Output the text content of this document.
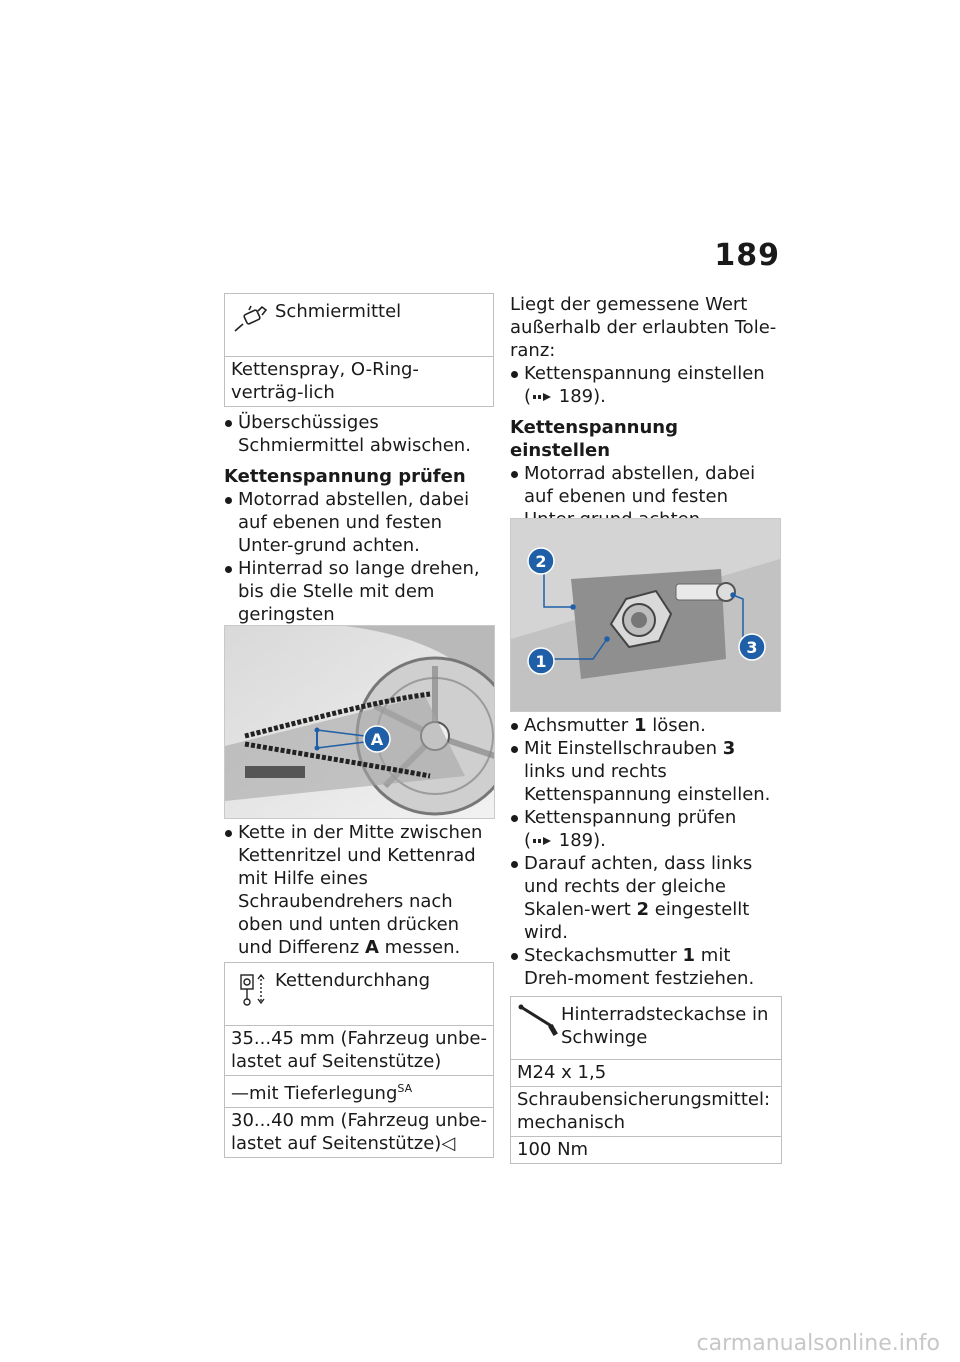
189
Schmiermittel
Kettenspray, O-Ring-verträg-lich
Überschüssiges Schmiermittel abwischen.
Kettenspannung prüfen
Motorrad abstellen, dabei auf ebenen und festen Unter-grund achten.
Hinterrad so lange drehen, bis die Stelle mit dem geringsten
A
Kette in der Mitte zwischen Kettenritzel und Kettenrad mit Hilfe eines Schraubendrehers nach oben und unten drücken und Differenz A messen.
Kettendurchhang
35...45 mm (Fahrzeug unbe-lastet auf Seitenstütze)
—mit Tieferlegung$^{SA}$
30...40 mm (Fahrzeug unbe-lastet auf Seitenstütze)◁
Liegt der gemessene Wert außerhalb der erlaubten Tole-ranz:
Kettenspannung einstellen
( 189).
Kettenspannung einstellen
Motorrad abstellen, dabei auf ebenen und festen
2
1
3
Achsmutter 1 lösen.
Mit Einstellschrauben 3 links und rechts Kettenspannung einstellen.
Kettenspannung prüfen
( 189).
Darauf achten, dass links und rechts der gleiche Skalen-wert 2 eingestellt wird.
Steckachsmutter 1 mit Dreh-moment festziehen.
Hinterradsteckachse in Schwinge
M24 x 1,5
Schraubensicherungsmittel: mechanisch
100 Nm
carmanualsonline.info
